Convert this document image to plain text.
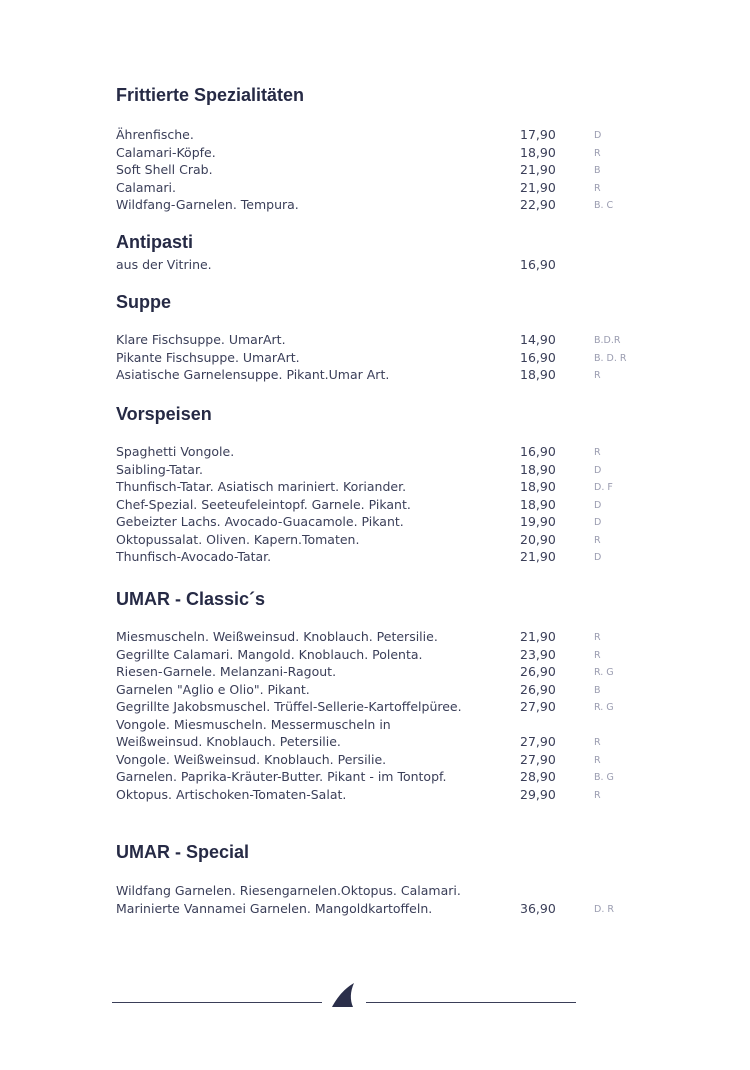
Frittierte Spezialitäten
Ährenfische.	17,90	D
Calamari-Köpfe.	18,90	R
Soft Shell Crab.	21,90	B
Calamari.	21,90	R
Wildfang-Garnelen. Tempura.	22,90	B. C
Antipasti
aus der Vitrine.	16,90
Suppe
Klare Fischsuppe. UmarArt.	14,90	B.D.R
Pikante Fischsuppe. UmarArt.	16,90	B. D. R
Asiatische Garnelensuppe. Pikant.Umar Art.	18,90	R
Vorspeisen
Spaghetti Vongole.	16,90	R
Saibling-Tatar.	18,90	D
Thunfisch-Tatar. Asiatisch mariniert. Koriander.	18,90	D. F
Chef-Spezial. Seeteufeleintopf. Garnele. Pikant.	18,90	D
Gebeizter Lachs. Avocado-Guacamole. Pikant.	19,90	D
Oktopussalat. Oliven. Kapern.Tomaten.	20,90	R
Thunfisch-Avocado-Tatar.	21,90	D
UMAR - Classic´s
Miesmuscheln. Weißweinsud. Knoblauch. Petersilie.	21,90	R
Gegrillte Calamari. Mangold. Knoblauch. Polenta.	23,90	R
Riesen-Garnele. Melanzani-Ragout.	26,90	R. G
Garnelen "Aglio e Olio". Pikant.	26,90	B
Gegrillte Jakobsmuschel. Trüffel-Sellerie-Kartoffelpüree.	27,90	R. G
Vongole. Miesmuscheln. Messermuscheln in
Weißweinsud. Knoblauch. Petersilie.	27,90	R
Vongole. Weißweinsud. Knoblauch. Persilie.	27,90	R
Garnelen. Paprika-Kräuter-Butter. Pikant - im Tontopf.	28,90	B. G
Oktopus. Artischoken-Tomaten-Salat.	29,90	R
UMAR - Special
Wildfang Garnelen. Riesengarnelen.Oktopus. Calamari.
Marinierte Vannamei Garnelen. Mangoldkartoffeln.	36,90	D. R
